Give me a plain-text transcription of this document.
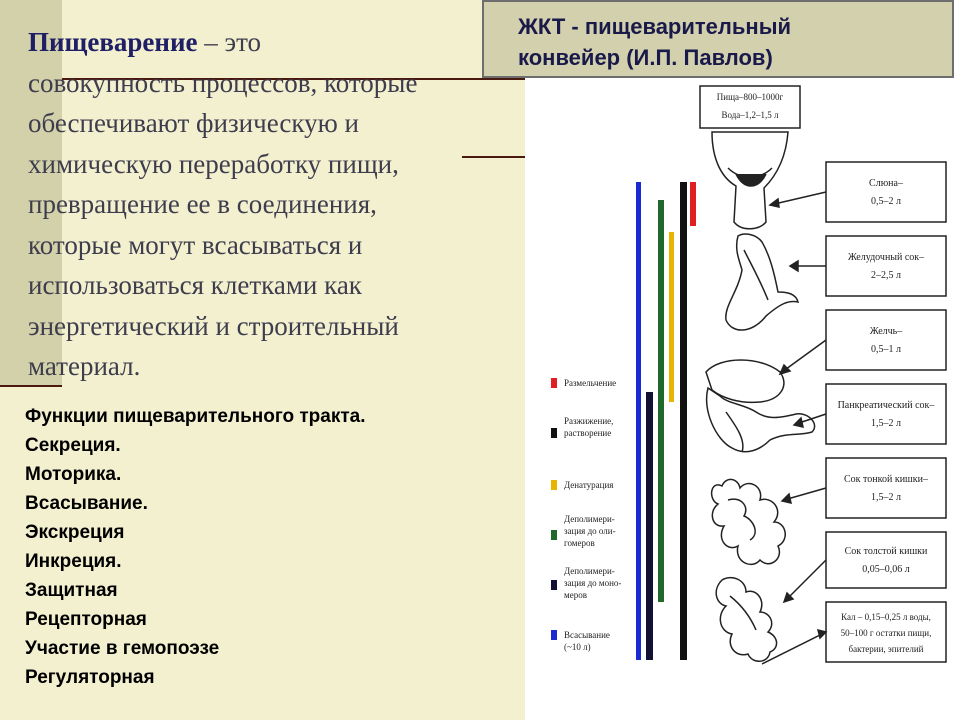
Пищеварение – это
совокупность процессов, которые
обеспечивают физическую и
химическую переработку пищи,
превращение ее в соединения,
которые могут всасываться и
использоваться клетками как
энергетический и строительный
материал.
Функции пищеварительного тракта.
Секреция.
Моторика.
Всасывание.
Экскреция
Инкреция.
Защитная
Рецепторная
Участие в гемопоэзе
Регуляторная
ЖКТ - пищеварительный
конвейер (И.П. Павлов)
Пища–800–1000г
Вода–1,2–1,5 л
Размельчение
Разжижение,
растворение
Денатурация
Деполимери-
зация до оли-
гомеров
Деполимери-
зация до моно-
меров
Всасывание
(~10 л)
Слюна–
0,5–2 л
Желудочный сок–
2–2,5 л
Желчь–
0,5–1 л
Панкреатический сок–
1,5–2 л
Сок тонкой кишки–
1,5–2 л
Сок толстой кишки
0,05–0,06 л
Кал – 0,15–0,25 л воды,
50–100 г остатки пищи,
бактерии, эпителий
